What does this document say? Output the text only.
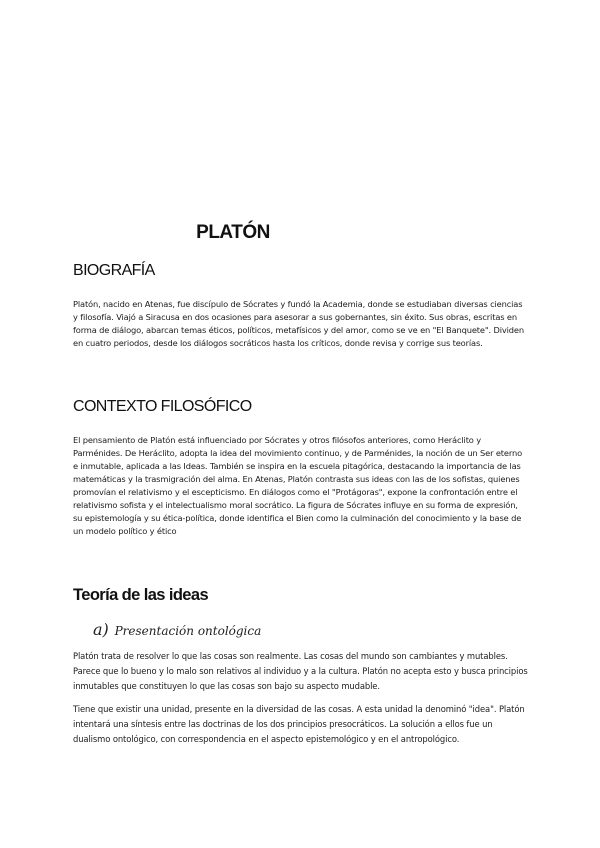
PLATÓN
BIOGRAFÍA

Platón, nacido en Atenas, fue discípulo de Sócrates y fundó la Academia, donde se estudiaban diversas ciencias y filosofía. Viajó a Siracusa en dos ocasiones para asesorar a sus gobernantes, sin éxito. Sus obras, escritas en forma de diálogo, abarcan temas éticos, políticos, metafísicos y del amor, como se ve en "El Banquete". Dividen en cuatro periodos, desde los diálogos socráticos hasta los críticos, donde revisa y corrige sus teorías.

CONTEXTO FILOSÓFICO

El pensamiento de Platón está influenciado por Sócrates y otros filósofos anteriores, como Heráclito y Parménides. De Heráclito, adopta la idea del movimiento continuo, y de Parménides, la noción de un Ser eterno e inmutable, aplicada a las Ideas. También se inspira en la escuela pitagórica, destacando la importancia de las matemáticas y la trasmigración del alma. En Atenas, Platón contrasta sus ideas con las de los sofistas, quienes promovían el relativismo y el escepticismo. En diálogos como el "Protágoras", expone la confrontación entre el relativismo sofista y el intelectualismo moral socrático. La figura de Sócrates influye en su forma de expresión, su epistemología y su ética-política, donde identifica el Bien como la culminación del conocimiento y la base de un modelo político y ético

Teoría de las ideas
a) Presentación ontológica

Platón trata de resolver lo que las cosas son realmente. Las cosas del mundo son cambiantes y mutables. Parece que lo bueno y lo malo son relativos al individuo y a la cultura. Platón no acepta esto y busca principios inmutables que constituyen lo que las cosas son bajo su aspecto mudable.

Tiene que existir una unidad, presente en la diversidad de las cosas. A esta unidad la denominó "idea". Platón intentará una síntesis entre las doctrinas de los dos principios presocráticos. La solución a ellos fue un dualismo ontológico, con correspondencia en el aspecto epistemológico y en el antropológico.
